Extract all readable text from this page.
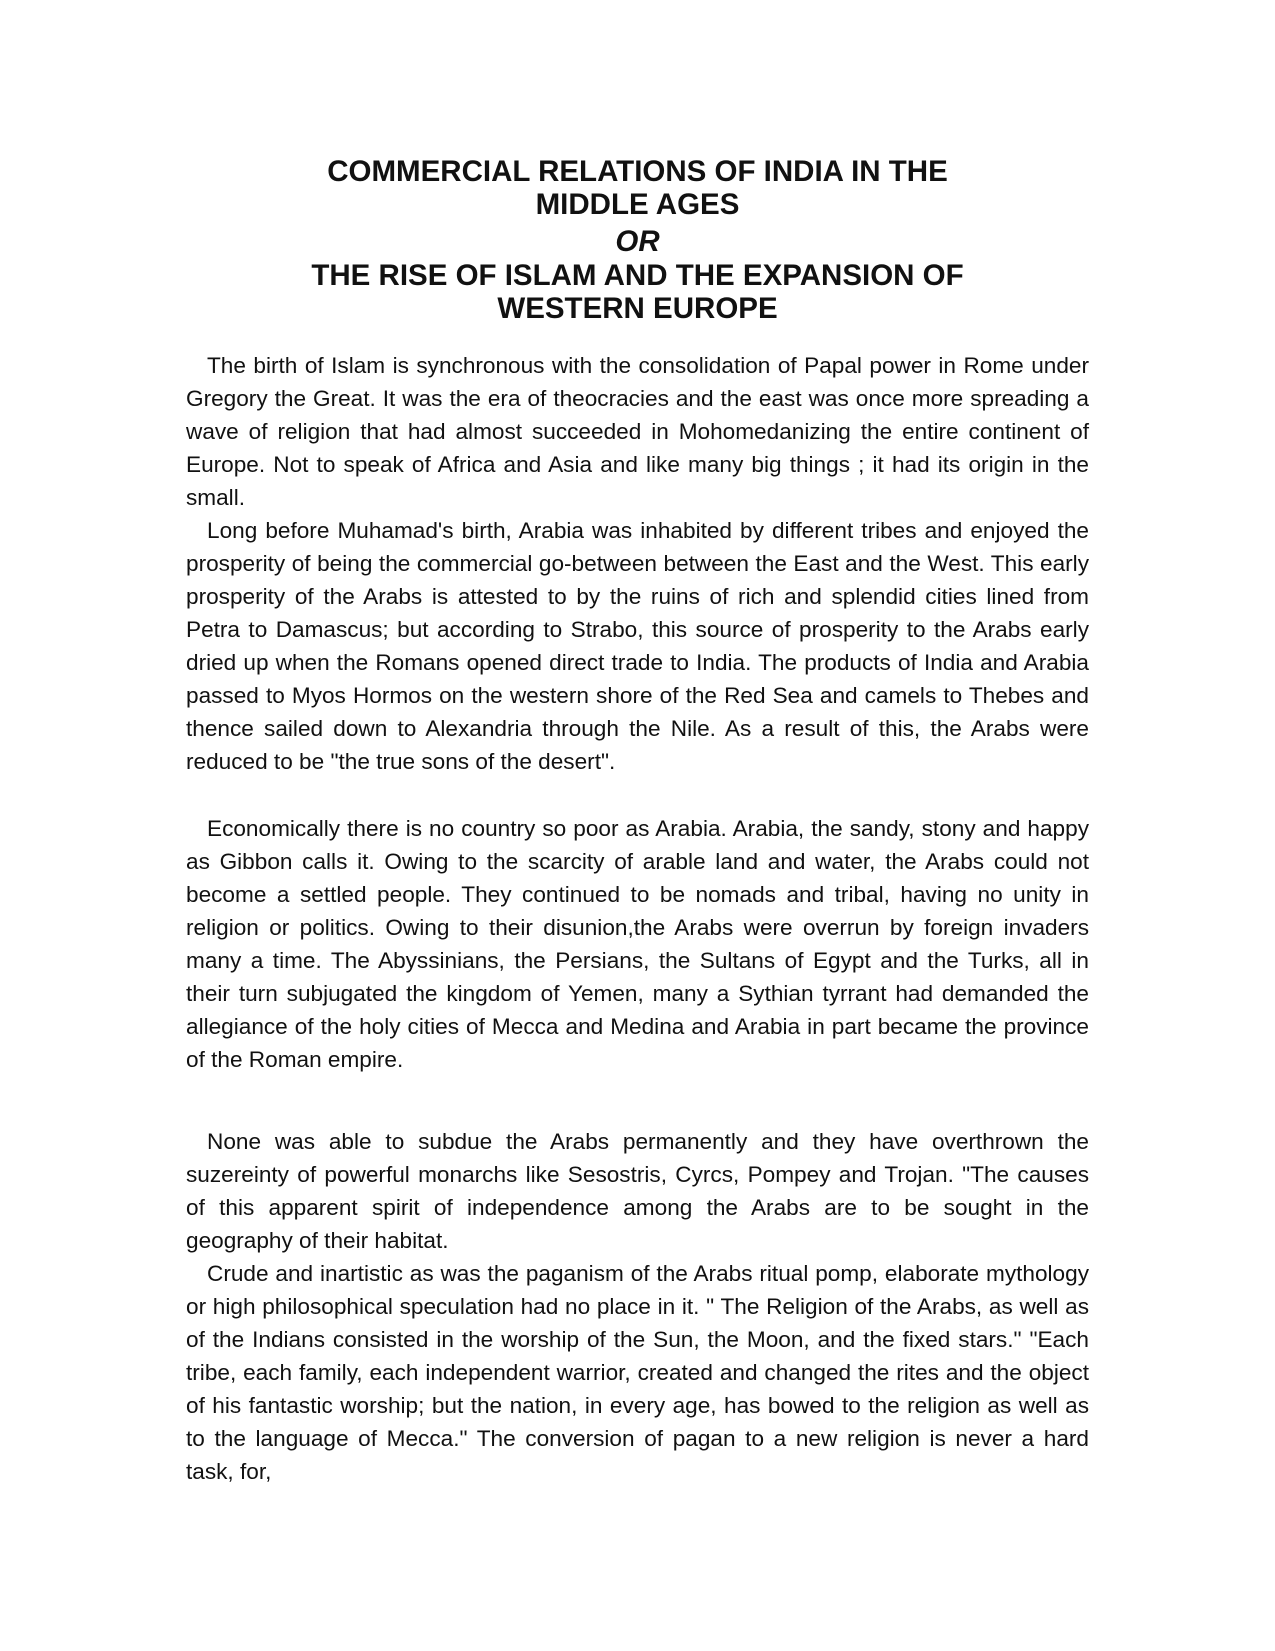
COMMERCIAL RELATIONS OF INDIA IN THE
MIDDLE AGES
OR
THE RISE OF ISLAM AND THE EXPANSION OF
WESTERN EUROPE

The birth of Islam is synchronous with the consolidation of Papal power in Rome under Gregory the Great. It was the era of theocracies and the east was once more spreading a wave of religion that had almost succeeded in Mohomedanizing the entire continent of Europe. Not to speak of Africa and Asia and like many big things ; it had its origin in the small.

Long before Muhamad's birth, Arabia was inhabited by different tribes and enjoyed the prosperity of being the commercial go-between between the East and the West. This early prosperity of the Arabs is attested to by the ruins of rich and splendid cities lined from Petra to Damascus; but according to Strabo, this source of prosperity to the Arabs early dried up when the Romans opened direct trade to India. The products of India and Arabia passed to Myos Hormos on the western shore of the Red Sea and camels to Thebes and thence sailed down to Alexandria through the Nile. As a result of this, the Arabs were reduced to be "the true sons of the desert".

Economically there is no country so poor as Arabia. Arabia, the sandy, stony and happy as Gibbon calls it. Owing to the scarcity of arable land and water, the Arabs could not become a settled people. They continued to be nomads and tribal, having no unity in religion or politics. Owing to their disunion,the Arabs were overrun by foreign invaders many a time. The Abyssinians, the Persians, the Sultans of Egypt and the Turks, all in their turn subjugated the kingdom of Yemen, many a Sythian tyrrant had demanded the allegiance of the holy cities of Mecca and Medina and Arabia in part became the province of the Roman empire.

None was able to subdue the Arabs permanently and they have overthrown the suzereinty of powerful monarchs like Sesostris, Cyrcs, Pompey and Trojan. "The causes of this apparent spirit of independence among the Arabs are to be sought in the geography of their habitat.

Crude and inartistic as was the paganism of the Arabs ritual pomp, elaborate mythology or high philosophical speculation had no place in it. " The Religion of the Arabs, as well as of the Indians consisted in the worship of the Sun, the Moon, and the fixed stars." "Each tribe, each family, each independent warrior, created and changed the rites and the object of his fantastic worship; but the nation, in every age, has bowed to the religion as well as to the language of Mecca." The conversion of pagan to a new religion is never a hard task, for,
